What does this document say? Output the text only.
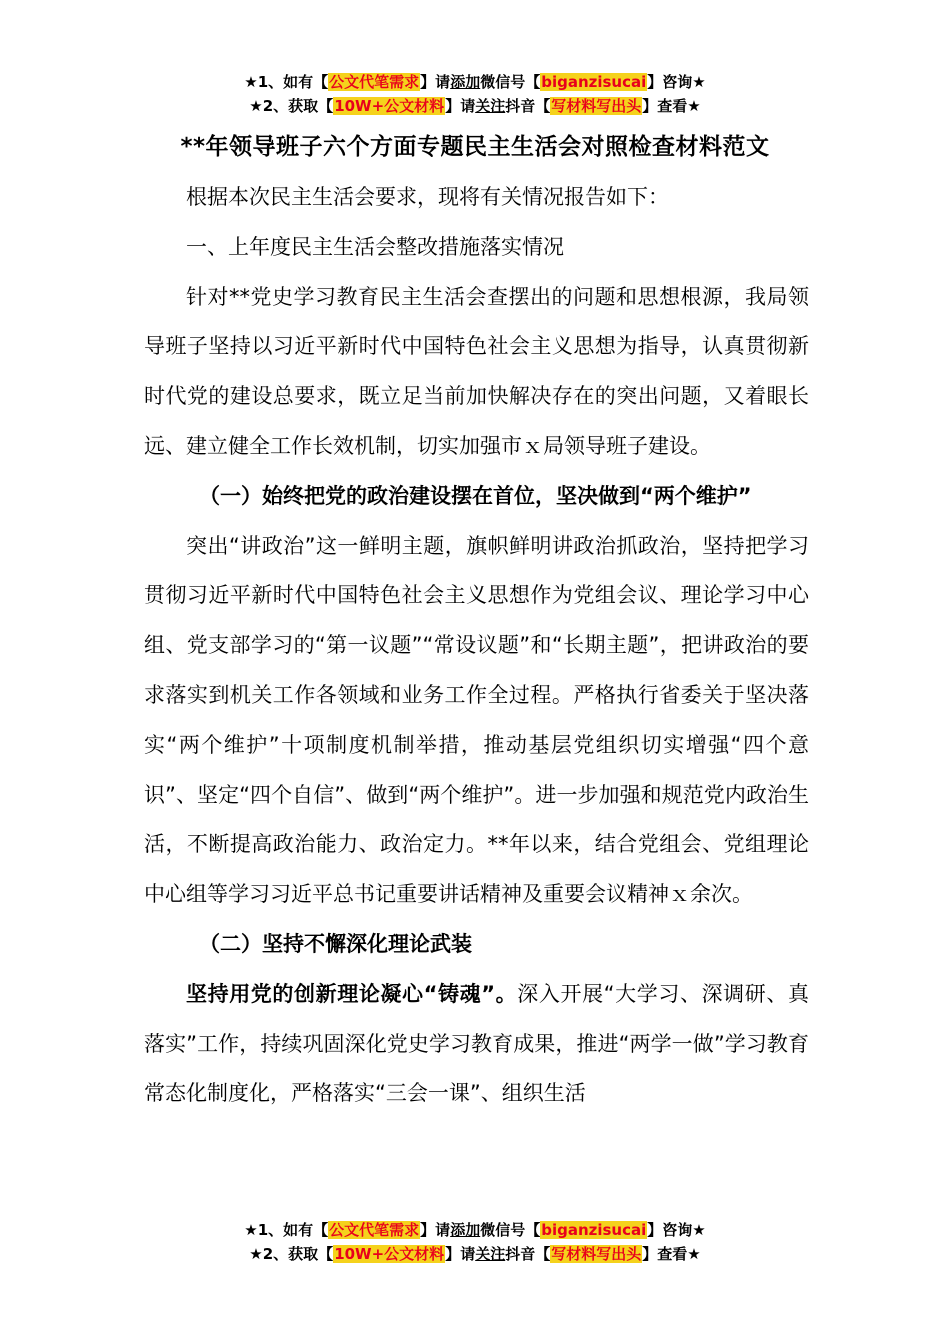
★1、如有【公文代笔需求】请添加微信号【biganzisucai】咨询★
★2、获取【10W+公文材料】请关注抖音【写材料写出头】查看★
**年领导班子六个方面专题民主生活会对照检查材料范文

根据本次民主生活会要求，现将有关情况报告如下：

一、上年度民主生活会整改措施落实情况

针对**党史学习教育民主生活会查摆出的问题和思想根源，我局领导班子坚持以习近平新时代中国特色社会主义思想为指导，认真贯彻新时代党的建设总要求，既立足当前加快解决存在的突出问题，又着眼长远、建立健全工作长效机制，切实加强市ｘ局领导班子建设。

（一）始终把党的政治建设摆在首位，坚决做到“两个维护”

突出“讲政治”这一鲜明主题，旗帜鲜明讲政治抓政治，坚持把学习贯彻习近平新时代中国特色社会主义思想作为党组会议、理论学习中心组、党支部学习的“第一议题”“常设议题”和“长期主题”，把讲政治的要求落实到机关工作各领域和业务工作全过程。严格执行省委关于坚决落实“两个维护”十项制度机制举措，推动基层党组织切实增强“四个意识”、坚定“四个自信”、做到“两个维护”。进一步加强和规范党内政治生活，不断提高政治能力、政治定力。**年以来，结合党组会、党组理论中心组等学习习近平总书记重要讲话精神及重要会议精神ｘ余次。

（二）坚持不懈深化理论武装

坚持用党的创新理论凝心“铸魂”。深入开展“大学习、深调研、真落实”工作，持续巩固深化党史学习教育成果，推进“两学一做”学习教育常态化制度化，严格落实“三会一课”、组织生活

★1、如有【公文代笔需求】请添加微信号【biganzisucai】咨询★
★2、获取【10W+公文材料】请关注抖音【写材料写出头】查看★
